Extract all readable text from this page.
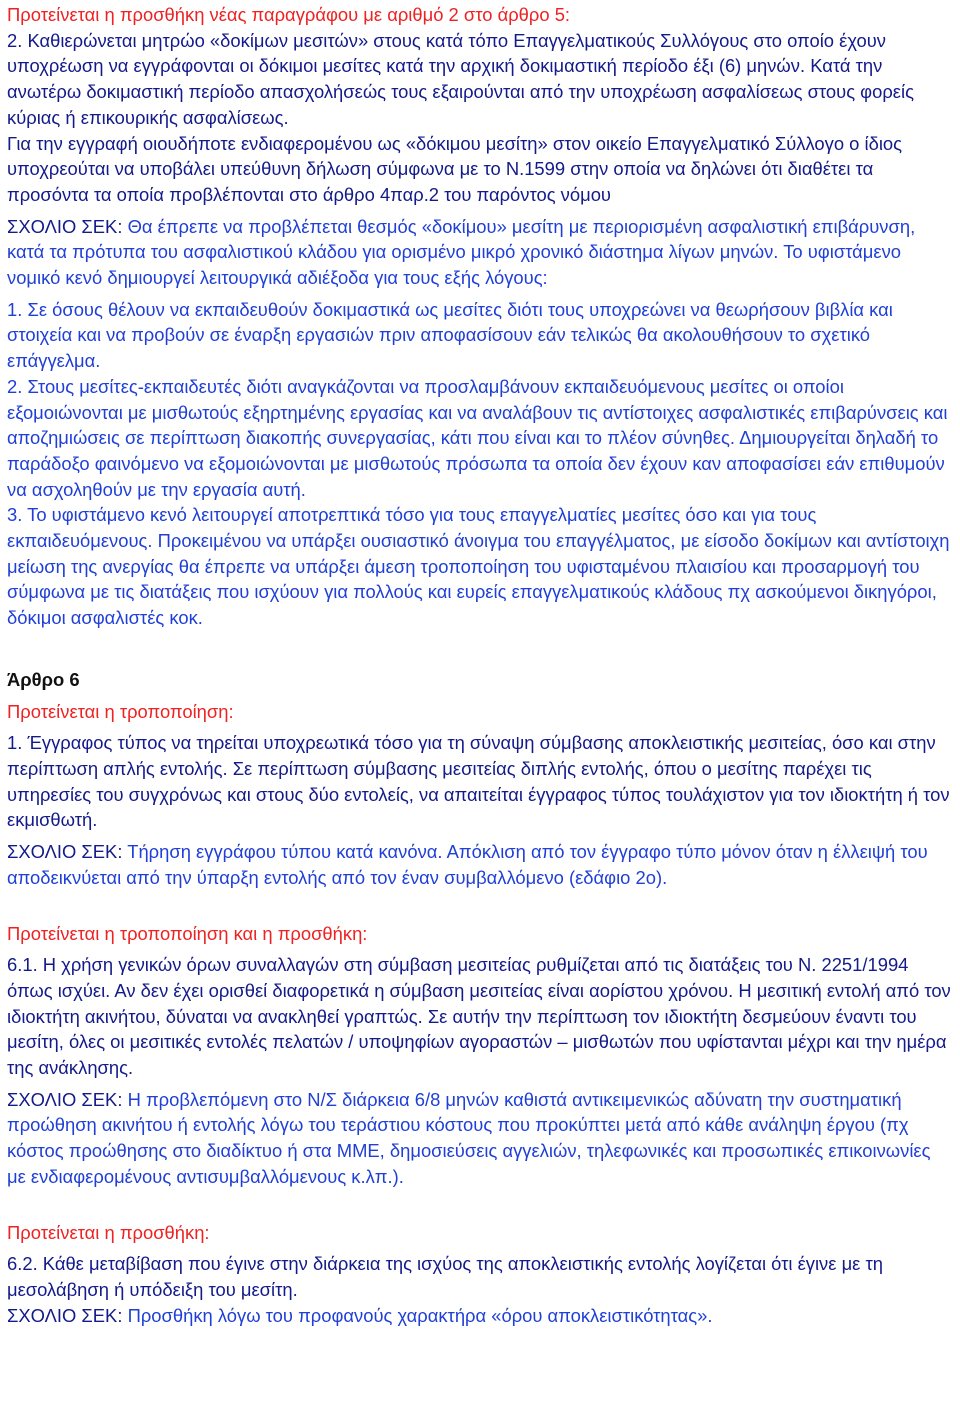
Προτείνεται η προσθήκη νέας παραγράφου με αριθμό 2 στο άρθρο 5:

2. Καθιερώνεται μητρώο «δοκίμων μεσιτών» στους κατά τόπο Επαγγελματικούς Συλλόγους στο οποίο έχουν υποχρέωση να εγγράφονται οι δόκιμοι μεσίτες κατά την αρχική δοκιμαστική περίοδο έξι (6) μηνών. Κατά την ανωτέρω δοκιμαστική περίοδο απασχολήσεώς τους εξαιρούνται από την υποχρέωση ασφαλίσεως στους φορείς κύριας ή επικουρικής ασφαλίσεως.

Για την εγγραφή οιουδήποτε ενδιαφερομένου ως «δόκιμου μεσίτη» στον οικείο Επαγγελματικό Σύλλογο ο ίδιος υποχρεούται να υποβάλει υπεύθυνη δήλωση σύμφωνα με το Ν.1599 στην οποία να δηλώνει ότι διαθέτει τα προσόντα τα οποία προβλέπονται στο άρθρο 4παρ.2 του παρόντος νόμου

ΣΧΟΛΙΟ ΣΕΚ: Θα έπρεπε να προβλέπεται θεσμός «δοκίμου» μεσίτη με περιορισμένη ασφαλιστική επιβάρυνση, κατά τα πρότυπα του ασφαλιστικού κλάδου για ορισμένο μικρό χρονικό διάστημα λίγων μηνών. Το υφιστάμενο νομικό κενό δημιουργεί λειτουργικά αδιέξοδα για τους εξής λόγους:

1. Σε όσους θέλουν να εκπαιδευθούν δοκιμαστικά ως μεσίτες διότι τους υποχρεώνει να θεωρήσουν βιβλία και στοιχεία και να προβούν σε έναρξη εργασιών πριν αποφασίσουν εάν τελικώς θα ακολουθήσουν το σχετικό επάγγελμα.

2. Στους μεσίτες-εκπαιδευτές διότι αναγκάζονται να προσλαμβάνουν εκπαιδευόμενους μεσίτες οι οποίοι εξομοιώνονται με μισθωτούς εξηρτημένης εργασίας και να αναλάβουν τις αντίστοιχες ασφαλιστικές επιβαρύνσεις και αποζημιώσεις σε περίπτωση διακοπής συνεργασίας, κάτι που είναι και το πλέον σύνηθες. Δημιουργείται δηλαδή το παράδοξο φαινόμενο να εξομοιώνονται με μισθωτούς πρόσωπα τα οποία δεν έχουν καν αποφασίσει εάν επιθυμούν να ασχοληθούν με την εργασία αυτή.

3. Το υφιστάμενο κενό λειτουργεί αποτρεπτικά τόσο για τους επαγγελματίες μεσίτες όσο και για τους εκπαιδευόμενους. Προκειμένου να υπάρξει ουσιαστικό άνοιγμα του επαγγέλματος, με είσοδο δοκίμων και αντίστοιχη μείωση της ανεργίας θα έπρεπε να υπάρξει άμεση τροποποίηση του υφισταμένου πλαισίου και προσαρμογή του σύμφωνα με τις διατάξεις που ισχύουν για πολλούς και ευρείς επαγγελματικούς κλάδους πχ ασκούμενοι δικηγόροι, δόκιμοι ασφαλιστές κοκ.

Άρθρο 6

Προτείνεται η τροποποίηση:

1. Έγγραφος τύπος να τηρείται υποχρεωτικά τόσο για τη σύναψη σύμβασης αποκλειστικής μεσιτείας, όσο και στην περίπτωση απλής εντολής. Σε περίπτωση σύμβασης μεσιτείας διπλής εντολής, όπου ο μεσίτης παρέχει τις υπηρεσίες του συγχρόνως και στους δύο εντολείς, να απαιτείται έγγραφος τύπος τουλάχιστον για τον ιδιοκτήτη ή τον εκμισθωτή.

ΣΧΟΛΙΟ ΣΕΚ: Τήρηση εγγράφου τύπου κατά κανόνα. Απόκλιση από τον έγγραφο τύπο μόνον όταν η έλλειψή του αποδεικνύεται από την ύπαρξη εντολής από τον έναν συμβαλλόμενο (εδάφιο 2ο).

Προτείνεται η τροποποίηση και η προσθήκη:

6.1. Η χρήση γενικών όρων συναλλαγών στη σύμβαση μεσιτείας ρυθμίζεται από τις διατάξεις του Ν. 2251/1994 όπως ισχύει. Αν δεν έχει ορισθεί διαφορετικά η σύμβαση μεσιτείας είναι αορίστου χρόνου. Η μεσιτική εντολή από τον ιδιοκτήτη ακινήτου, δύναται να ανακληθεί γραπτώς. Σε αυτήν την περίπτωση τον ιδιοκτήτη δεσμεύουν έναντι του μεσίτη, όλες οι μεσιτικές εντολές πελατών / υποψηφίων αγοραστών – μισθωτών που υφίστανται μέχρι και την ημέρα της ανάκλησης.

ΣΧΟΛΙΟ ΣΕΚ: Η προβλεπόμενη στο Ν/Σ διάρκεια 6/8 μηνών καθιστά αντικειμενικώς αδύνατη την συστηματική προώθηση ακινήτου ή εντολής λόγω του τεράστιου κόστους που προκύπτει μετά από κάθε ανάληψη έργου (πχ κόστος προώθησης στο διαδίκτυο ή στα ΜΜΕ, δημοσιεύσεις αγγελιών, τηλεφωνικές και προσωπικές επικοινωνίες με ενδιαφερομένους αντισυμβαλλόμενους κ.λπ.).

Προτείνεται η προσθήκη:

6.2. Κάθε μεταβίβαση που έγινε στην διάρκεια της ισχύος της αποκλειστικής εντολής λογίζεται ότι έγινε με τη μεσολάβηση ή υπόδειξη του μεσίτη.

ΣΧΟΛΙΟ ΣΕΚ: Προσθήκη λόγω του προφανούς χαρακτήρα «όρου αποκλειστικότητας».
